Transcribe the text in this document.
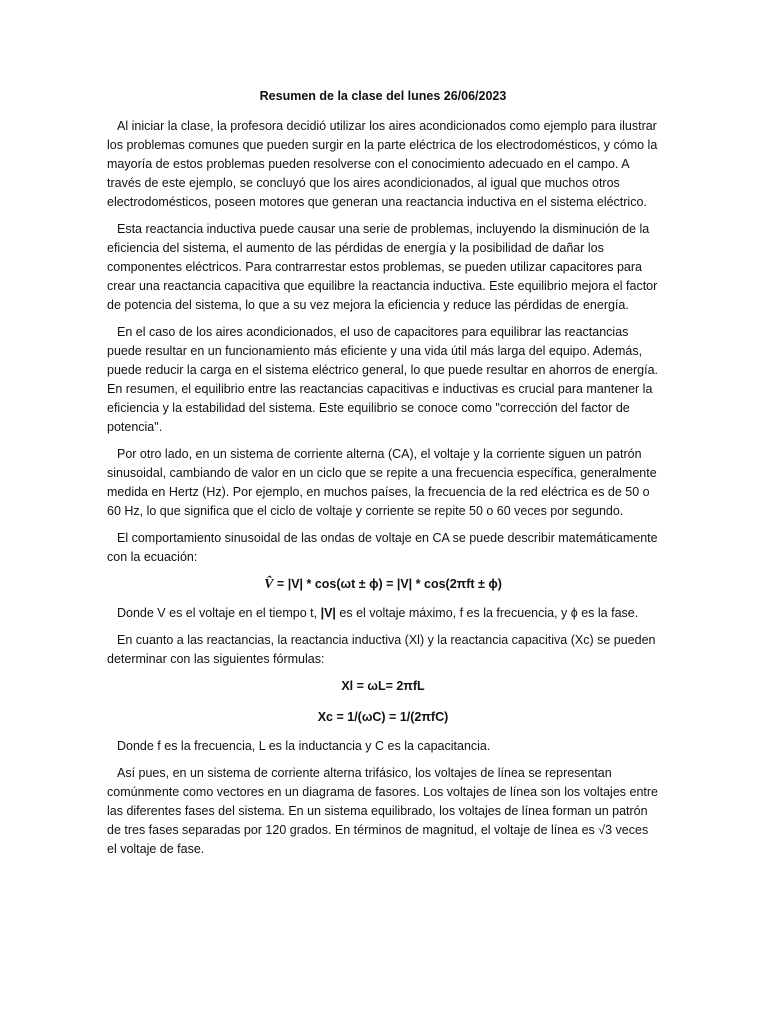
Resumen de la clase del lunes 26/06/2023

Al iniciar la clase, la profesora decidió utilizar los aires acondicionados como ejemplo para ilustrar los problemas comunes que pueden surgir en la parte eléctrica de los electrodomésticos, y cómo la mayoría de estos problemas pueden resolverse con el conocimiento adecuado en el campo. A través de este ejemplo, se concluyó que los aires acondicionados, al igual que muchos otros electrodomésticos, poseen motores que generan una reactancia inductiva en el sistema eléctrico.

Esta reactancia inductiva puede causar una serie de problemas, incluyendo la disminución de la eficiencia del sistema, el aumento de las pérdidas de energía y la posibilidad de dañar los componentes eléctricos. Para contrarrestar estos problemas, se pueden utilizar capacitores para crear una reactancia capacitiva que equilibre la reactancia inductiva. Este equilibrio mejora el factor de potencia del sistema, lo que a su vez mejora la eficiencia y reduce las pérdidas de energía.

En el caso de los aires acondicionados, el uso de capacitores para equilibrar las reactancias puede resultar en un funcionamiento más eficiente y una vida útil más larga del equipo. Además, puede reducir la carga en el sistema eléctrico general, lo que puede resultar en ahorros de energía. En resumen, el equilibrio entre las reactancias capacitivas e inductivas es crucial para mantener la eficiencia y la estabilidad del sistema. Este equilibrio se conoce como "corrección del factor de potencia".

Por otro lado, en un sistema de corriente alterna (CA), el voltaje y la corriente siguen un patrón sinusoidal, cambiando de valor en un ciclo que se repite a una frecuencia específica, generalmente medida en Hertz (Hz). Por ejemplo, en muchos países, la frecuencia de la red eléctrica es de 50 o 60 Hz, lo que significa que el ciclo de voltaje y corriente se repite 50 o 60 veces por segundo.

El comportamiento sinusoidal de las ondas de voltaje en CA se puede describir matemáticamente con la ecuación:

V̂ = |V| * cos(ωt ± ϕ) = |V| * cos(2πft ± ϕ)

Donde V es el voltaje en el tiempo t, |V| es el voltaje máximo, f es la frecuencia, y ϕ es la fase.

En cuanto a las reactancias, la reactancia inductiva (Xl) y la reactancia capacitiva (Xc) se pueden determinar con las siguientes fórmulas:

Xl = ωL= 2πfL
Xc = 1/(ωC) = 1/(2πfC)

Donde f es la frecuencia, L es la inductancia y C es la capacitancia.

Así pues, en un sistema de corriente alterna trifásico, los voltajes de línea se representan comúnmente como vectores en un diagrama de fasores. Los voltajes de línea son los voltajes entre las diferentes fases del sistema. En un sistema equilibrado, los voltajes de línea forman un patrón de tres fases separadas por 120 grados. En términos de magnitud, el voltaje de línea es √3 veces el voltaje de fase.
